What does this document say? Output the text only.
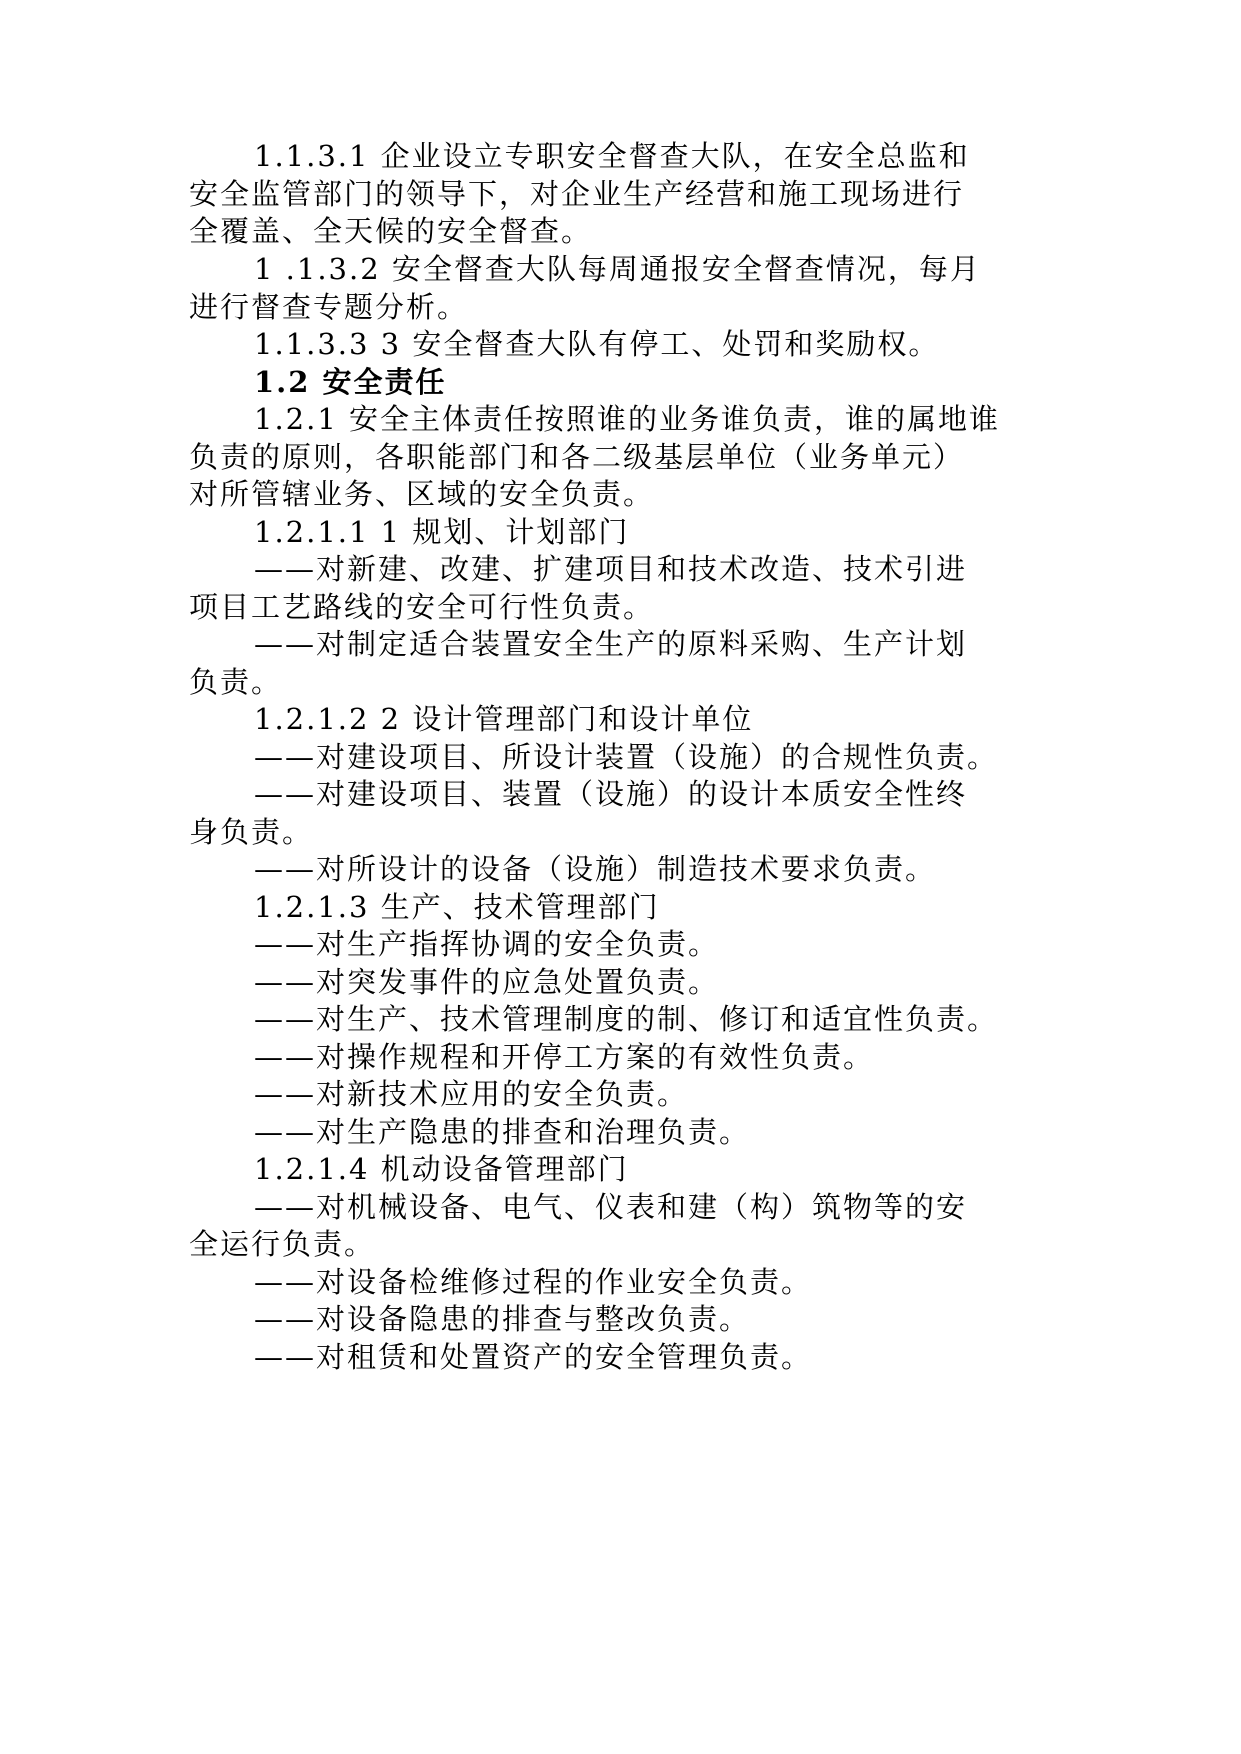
1.1.3.1 企业设立专职安全督查大队，在安全总监和
安全监管部门的领导下，对企业生产经营和施工现场进行
全覆盖、全天候的安全督查。
1 .1.3.2 安全督查大队每周通报安全督查情况，每月
进行督查专题分析。
1.1.3.3 3 安全督查大队有停工、处罚和奖励权。
1.2 安全责任
1.2.1 安全主体责任按照谁的业务谁负责，谁的属地谁
负责的原则，各职能部门和各二级基层单位（业务单元）
对所管辖业务、区域的安全负责。
1.2.1.1 1 规划、计划部门
——对新建、改建、扩建项目和技术改造、技术引进
项目工艺路线的安全可行性负责。
——对制定适合装置安全生产的原料采购、生产计划
负责。
1.2.1.2 2 设计管理部门和设计单位
——对建设项目、所设计装置（设施）的合规性负责。
——对建设项目、装置（设施）的设计本质安全性终
身负责。
——对所设计的设备（设施）制造技术要求负责。
1.2.1.3 生产、技术管理部门
——对生产指挥协调的安全负责。
——对突发事件的应急处置负责。
——对生产、技术管理制度的制、修订和适宜性负责。
——对操作规程和开停工方案的有效性负责。
——对新技术应用的安全负责。
——对生产隐患的排查和治理负责。
1.2.1.4 机动设备管理部门
——对机械设备、电气、仪表和建（构）筑物等的安
全运行负责。
——对设备检维修过程的作业安全负责。
——对设备隐患的排查与整改负责。
——对租赁和处置资产的安全管理负责。
